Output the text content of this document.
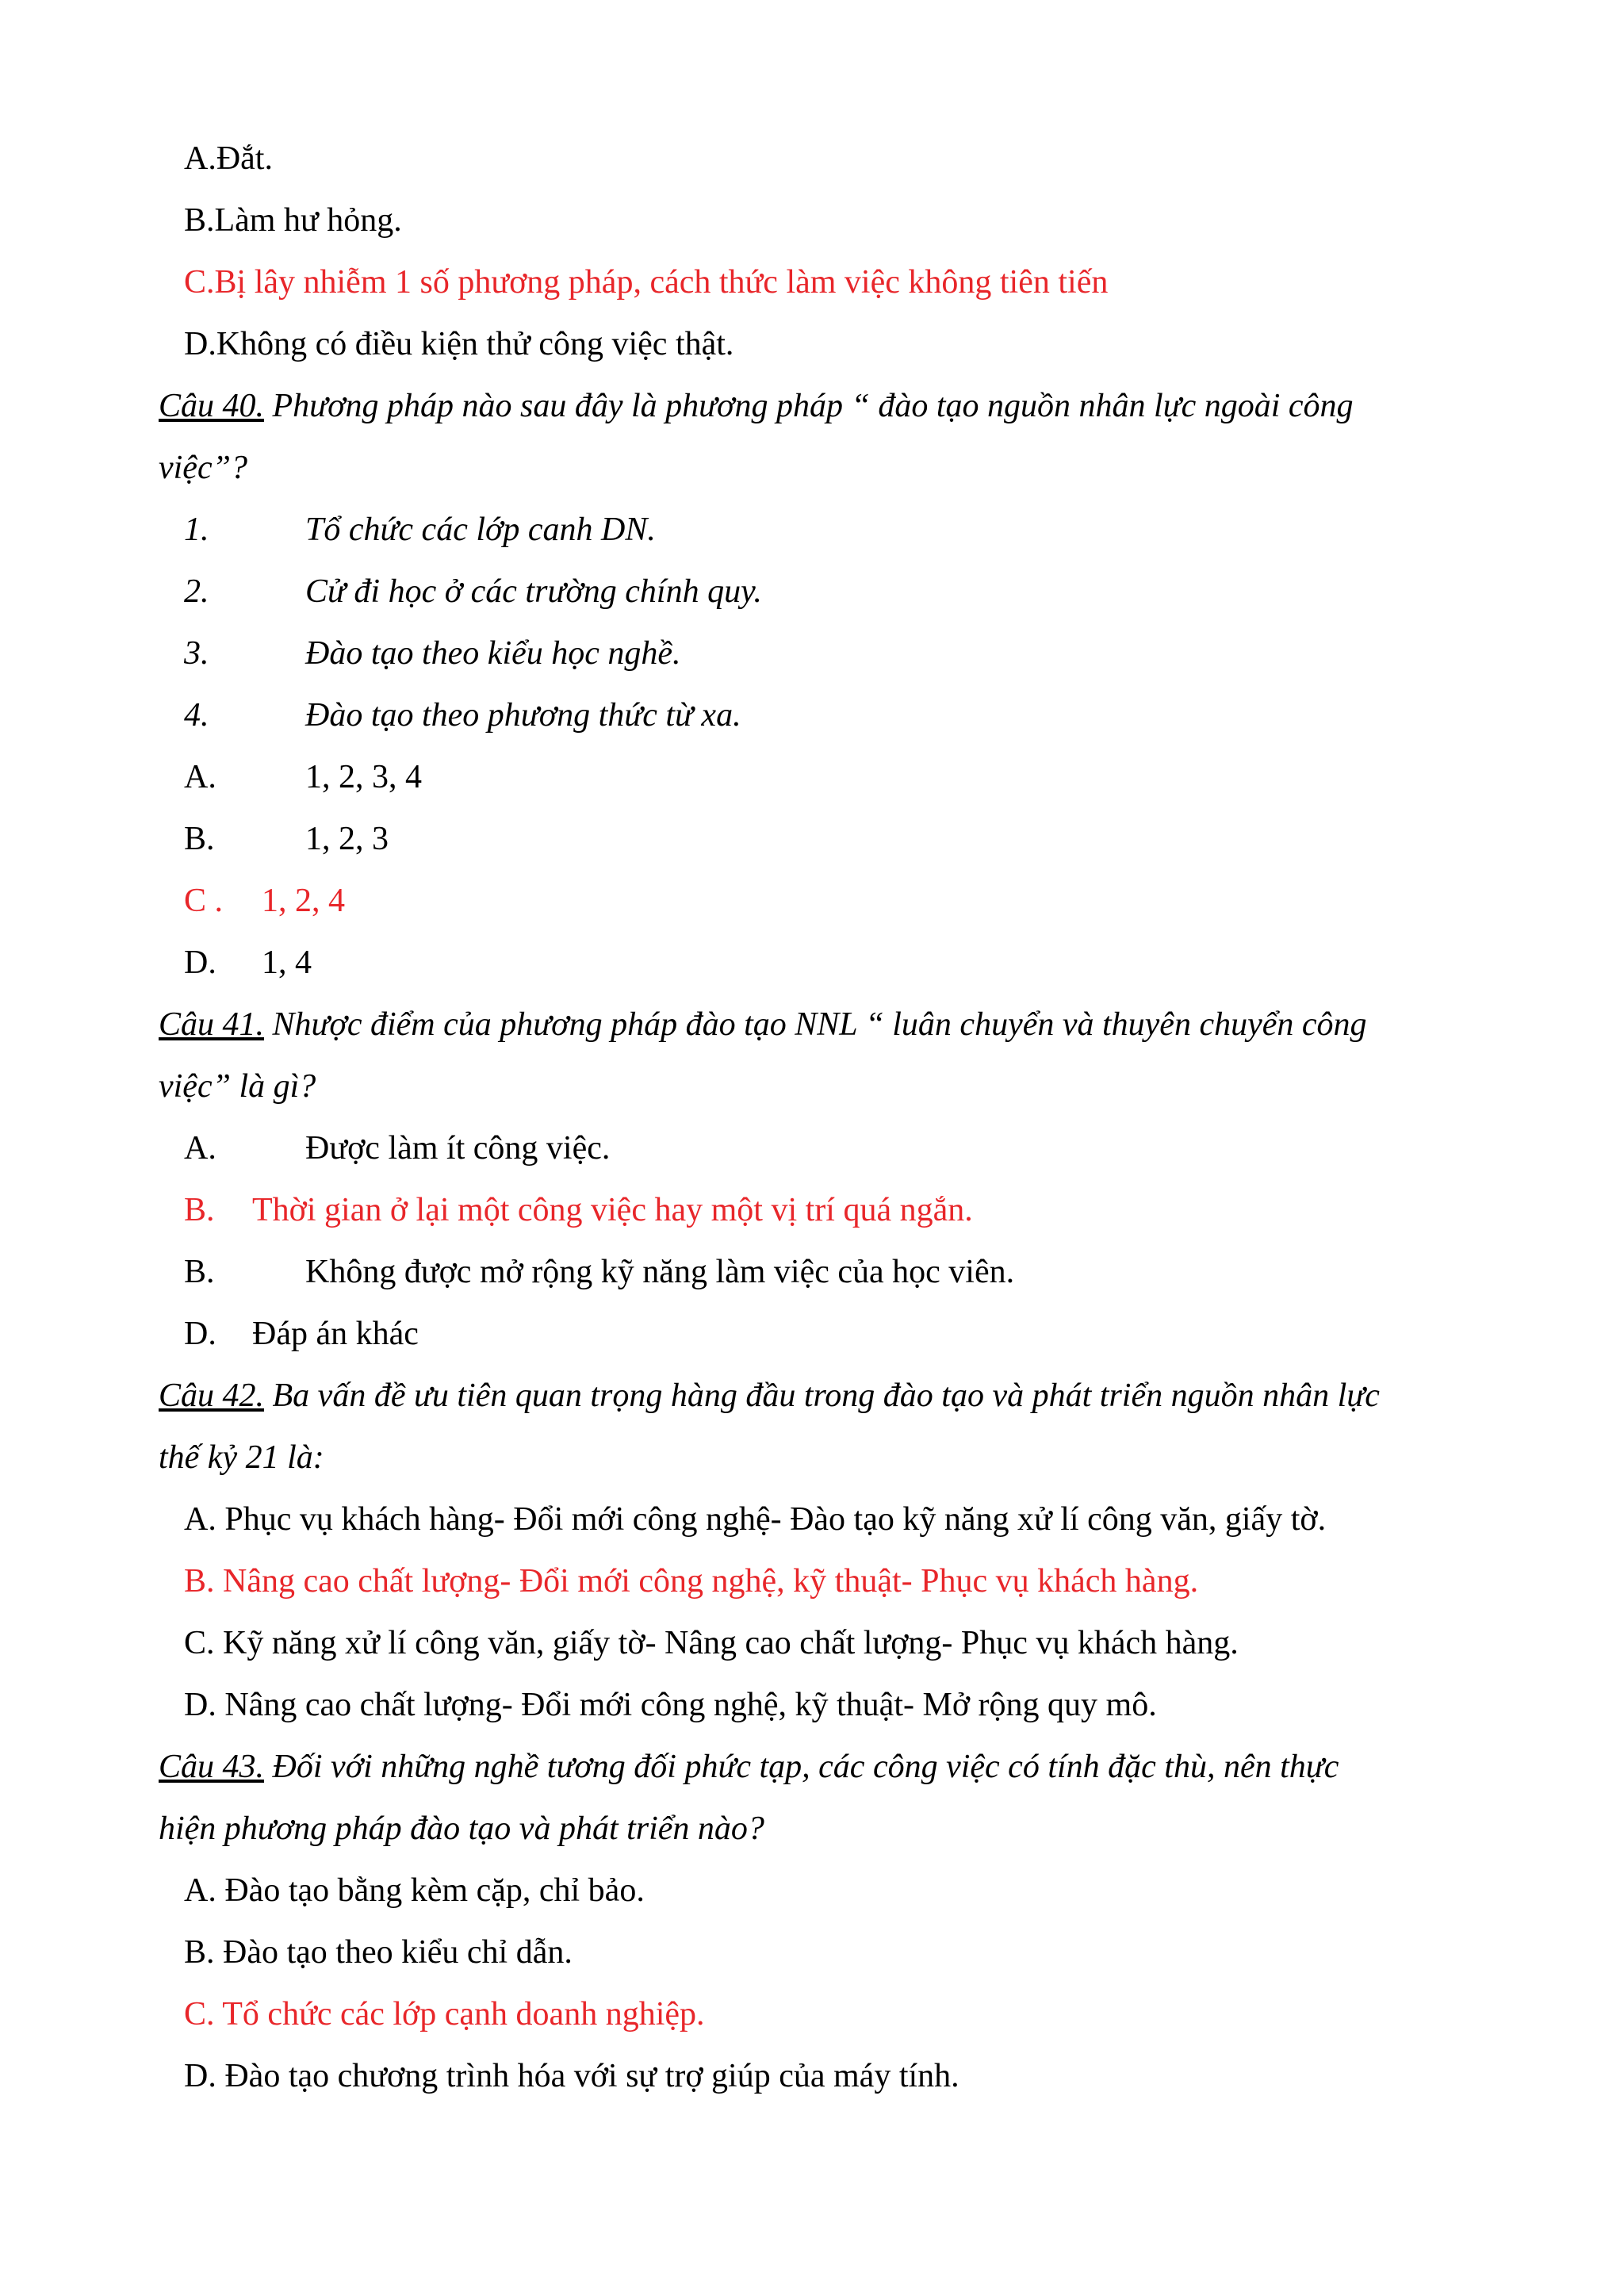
A.Đắt.
B.Làm hư hỏng.
C.Bị lây nhiễm 1 số phương pháp, cách thức làm việc không tiên tiến
D.Không có điều kiện thử công việc thật.
Câu 40. Phương pháp nào sau đây là phương pháp “ đào tạo nguồn nhân lực ngoài công
việc”?
1.	Tổ chức các lớp canh DN.
2.	Cử đi học ở các trường chính quy.
3.	Đào tạo theo kiểu học nghề.
4.	Đào tạo theo phương thức từ xa.
A.	1, 2, 3, 4
B.	1, 2, 3
C . 1, 2, 4
D. 1, 4
Câu 41. Nhược điểm của phương pháp đào tạo NNL “ luân chuyển và thuyên chuyển công
việc” là gì?
A.	Được làm ít công việc.
B. Thời gian ở lại một công việc hay một vị trí quá ngắn.
B.	Không được mở rộng kỹ năng làm việc của học viên.
D. Đáp án khác
Câu 42. Ba vấn đề ưu tiên quan trọng hàng đầu trong đào tạo và phát triển nguồn nhân lực
thế kỷ 21 là:
A. Phục vụ khách hàng- Đổi mới công nghệ- Đào tạo kỹ năng xử lí công văn, giấy tờ.
B. Nâng cao chất lượng- Đổi mới công nghệ, kỹ thuật- Phục vụ khách hàng.
C. Kỹ năng xử lí công văn, giấy tờ- Nâng cao chất lượng- Phục vụ khách hàng.
D. Nâng cao chất lượng- Đổi mới công nghệ, kỹ thuật- Mở rộng quy mô.
Câu 43. Đối với những nghề tương đối phức tạp, các công việc có tính đặc thù, nên thực
hiện phương pháp đào tạo và phát triển nào?
A. Đào tạo bằng kèm cặp, chỉ bảo.
B. Đào tạo theo kiểu chỉ dẫn.
C. Tổ chức các lớp cạnh doanh nghiệp.
D. Đào tạo chương trình hóa với sự trợ giúp của máy tính.
